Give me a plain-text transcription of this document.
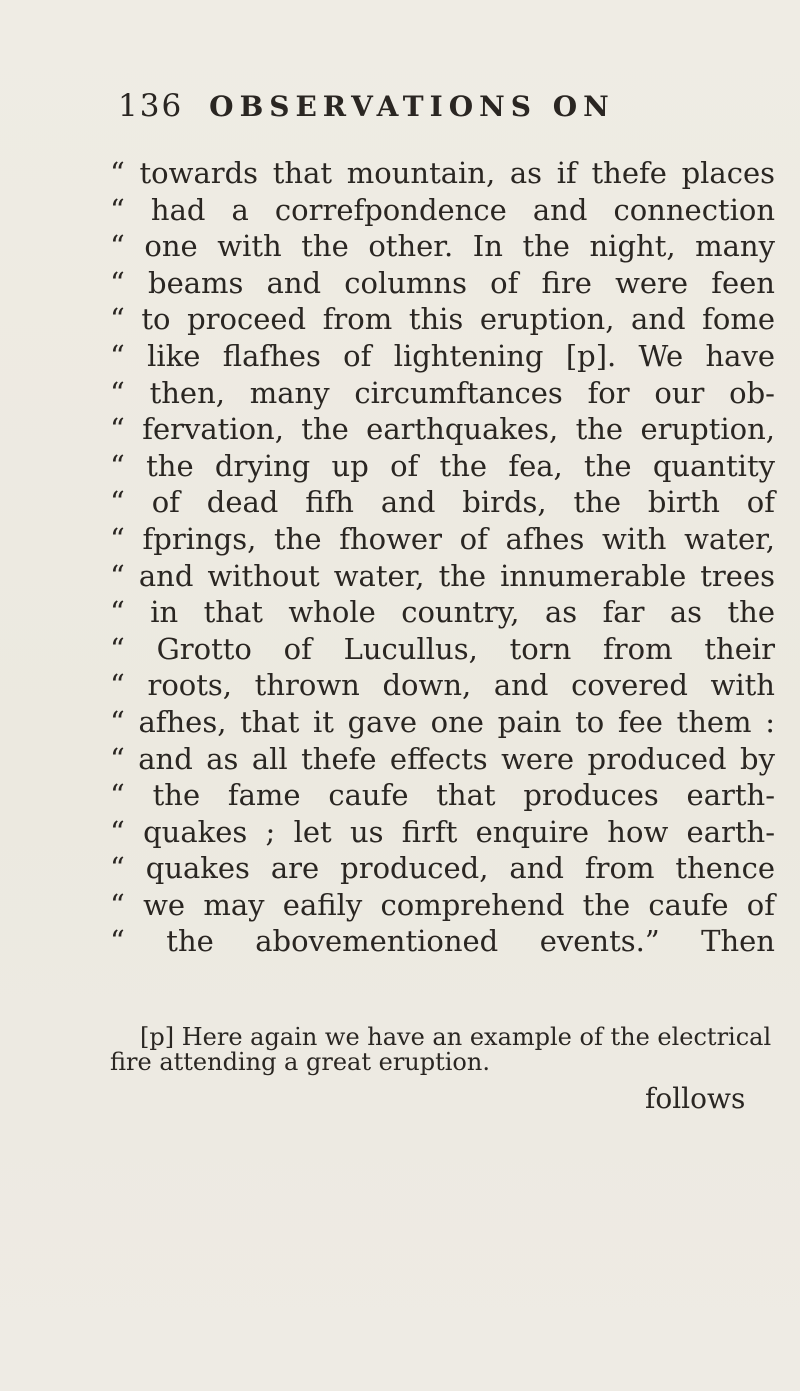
136 OBSERVATIONS ON
“ towards that mountain, as if thefe places
“ had a correfpondence and connection
“ one with the other. In the night, many
“ beams and columns of fire were feen
“ to proceed from this eruption, and fome
“ like flafhes of lightening [p]. We have
“ then, many circumftances for our ob-
“ fervation, the earthquakes, the eruption,
“ the drying up of the fea, the quantity
“ of dead fifh and birds, the birth of
“ fprings, the fhower of afhes with water,
“ and without water, the innumerable trees
“ in that whole country, as far as the
“ Grotto of Lucullus, torn from their
“ roots, thrown down, and covered with
“ afhes, that it gave one pain to fee them :
“ and as all thefe effects were produced by
“ the fame caufe that produces earth-
“ quakes ; let us firft enquire how earth-
“ quakes are produced, and from thence
“ we may eafily comprehend the caufe of
“ the abovementioned events.” Then
[p] Here again we have an example of the electrical
fire attending a great eruption.
follows
